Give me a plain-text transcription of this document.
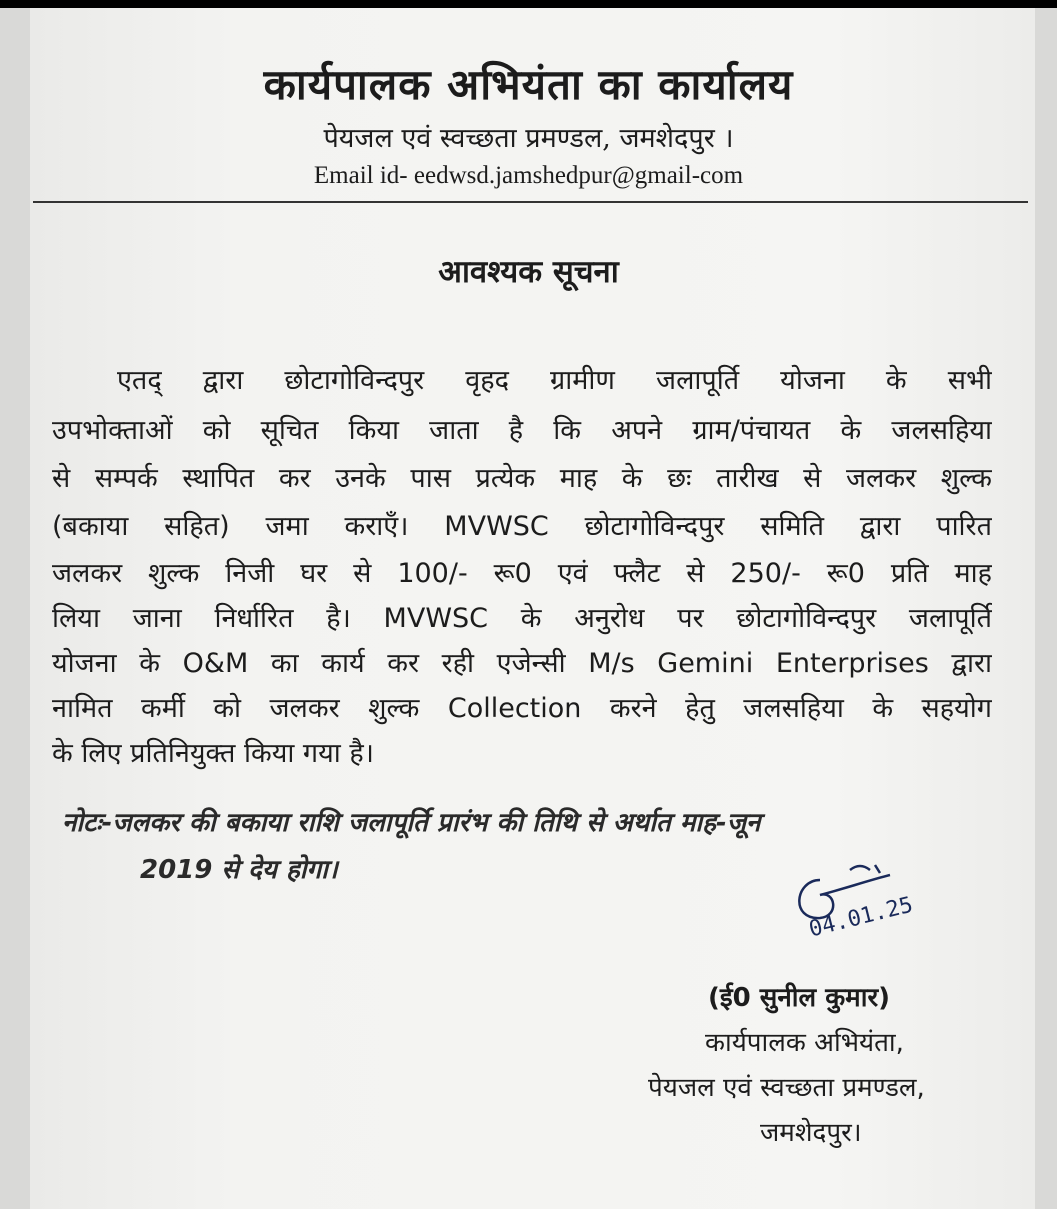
कार्यपालक अभियंता का कार्यालय
पेयजल एवं स्वच्छता प्रमण्डल, जमशेदपुर ।
Email id- eedwsd.jamshedpur@gmail-com
आवश्यक सूचना
एतद् द्वारा छोटागोविन्दपुर वृहद ग्रामीण जलापूर्ति योजना के सभी
उपभोक्ताओं को सूचित किया जाता है कि अपने ग्राम/पंचायत के जलसहिया
से सम्पर्क स्थापित कर उनके पास प्रत्येक माह के छः तारीख से जलकर शुल्क
(बकाया सहित) जमा कराएँ। MVWSC छोटागोविन्दपुर समिति द्वारा पारित
जलकर शुल्क निजी घर से 100/- रू0 एवं फ्लैट से 250/- रू0 प्रति माह
लिया जाना निर्धारित है। MVWSC के अनुरोध पर छोटागोविन्दपुर जलापूर्ति
योजना के O&M का कार्य कर रही एजेन्सी M/s Gemini Enterprises द्वारा
नामित कर्मी को जलकर शुल्क Collection करने हेतु जलसहिया के सहयोग
के लिए प्रतिनियुक्त किया गया है।
नोटः-जलकर की बकाया राशि जलापूर्ति प्रारंभ की तिथि से अर्थात माह-जून
2019 से देय होगा।
04.01.25
(ई0 सुनील कुमार)
कार्यपालक अभियंता,
पेयजल एवं स्वच्छता प्रमण्डल,
जमशेदपुर।
